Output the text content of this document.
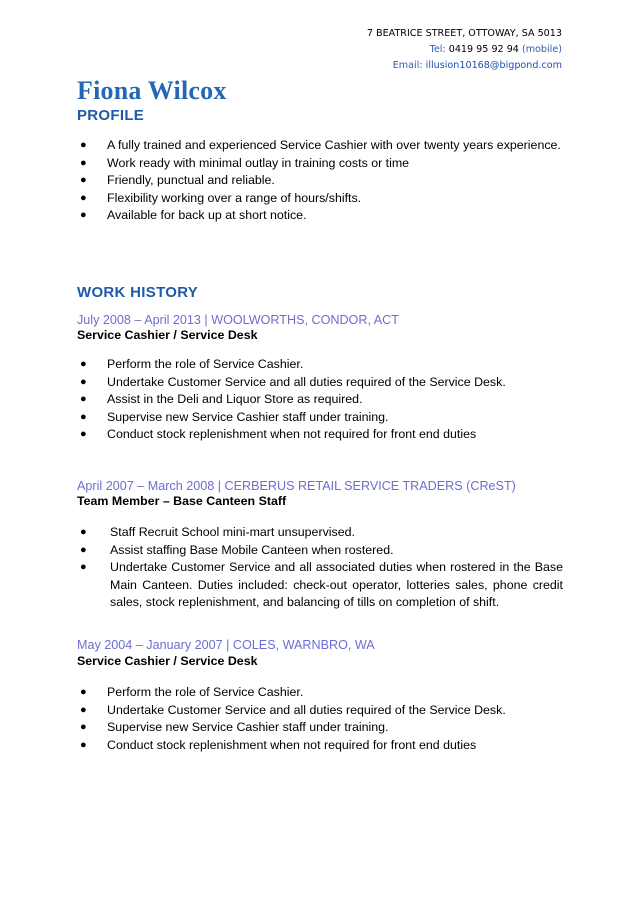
7 BEATRICE STREET, OTTOWAY, SA 5013
Tel: 0419 95 92 94 (mobile)
Email: illusion10168@bigpond.com
Fiona Wilcox
PROFILE
● A fully trained and experienced Service Cashier with over twenty years experience.
● Work ready with minimal outlay in training costs or time
● Friendly, punctual and reliable.
● Flexibility working over a range of hours/shifts.
● Available for back up at short notice.
WORK HISTORY
July 2008 – April 2013 | WOOLWORTHS, CONDOR, ACT
Service Cashier / Service Desk
● Perform the role of Service Cashier.
● Undertake Customer Service and all duties required of the Service Desk.
● Assist in the Deli and Liquor Store as required.
● Supervise new Service Cashier staff under training.
● Conduct stock replenishment when not required for front end duties
April 2007 – March 2008 | CERBERUS RETAIL SERVICE TRADERS (CReST)
Team Member – Base Canteen Staff
● Staff Recruit School mini-mart unsupervised.
● Assist staffing Base Mobile Canteen when rostered.
● Undertake Customer Service and all associated duties when rostered in the Base Main Canteen. Duties included: check-out operator, lotteries sales, phone credit sales, stock replenishment, and balancing of tills on completion of shift.
May 2004 – January 2007 | COLES, WARNBRO, WA
Service Cashier / Service Desk
● Perform the role of Service Cashier.
● Undertake Customer Service and all duties required of the Service Desk.
● Supervise new Service Cashier staff under training.
● Conduct stock replenishment when not required for front end duties
